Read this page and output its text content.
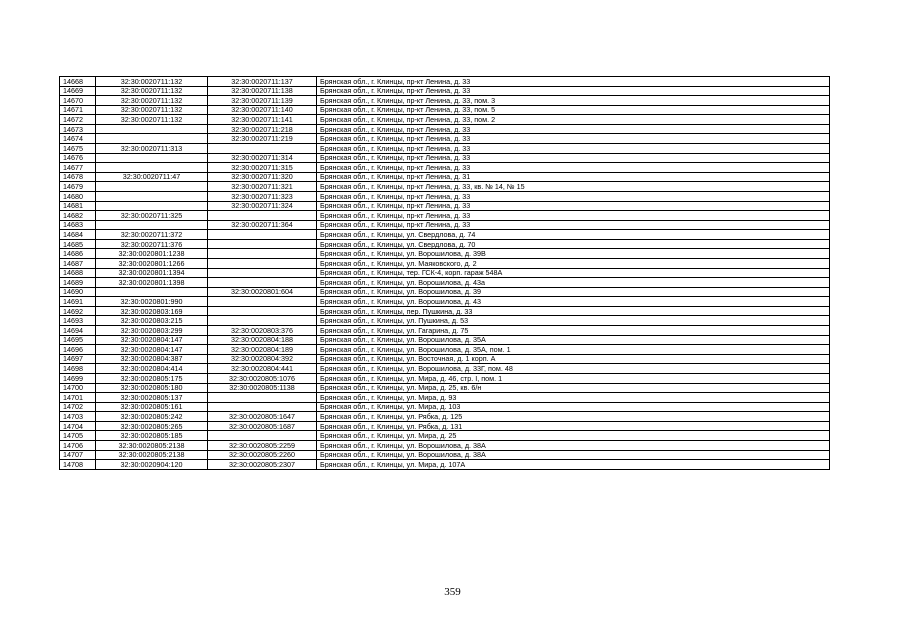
14668	32:30:0020711:132	32:30:0020711:137	Брянская обл., г. Клинцы, пр-кт Ленина, д. 33
14669	32:30:0020711:132	32:30:0020711:138	Брянская обл., г. Клинцы, пр-кт Ленина, д. 33
14670	32:30:0020711:132	32:30:0020711:139	Брянская обл., г. Клинцы, пр-кт Ленина, д. 33, пом. 3
14671	32:30:0020711:132	32:30:0020711:140	Брянская обл., г. Клинцы, пр-кт Ленина, д. 33, пом. 5
14672	32:30:0020711:132	32:30:0020711:141	Брянская обл., г. Клинцы, пр-кт Ленина, д. 33, пом. 2
14673		32:30:0020711:218	Брянская обл., г. Клинцы, пр-кт Ленина, д. 33
14674		32:30:0020711:219	Брянская обл., г. Клинцы, пр-кт Ленина, д. 33
14675	32:30:0020711:313		Брянская обл., г. Клинцы, пр-кт Ленина, д. 33
14676		32:30:0020711:314	Брянская обл., г. Клинцы, пр-кт Ленина, д. 33
14677		32:30:0020711:315	Брянская обл., г. Клинцы, пр-кт Ленина, д. 33
14678	32:30:0020711:47	32:30:0020711:320	Брянская обл., г. Клинцы, пр-кт Ленина, д. 31
14679		32:30:0020711:321	Брянская обл., г. Клинцы, пр-кт Ленина, д. 33, кв. № 14, № 15
14680		32:30:0020711:323	Брянская обл., г. Клинцы, пр-кт Ленина, д. 33
14681		32:30:0020711:324	Брянская обл., г. Клинцы, пр-кт Ленина, д. 33
14682	32:30:0020711:325		Брянская обл., г. Клинцы, пр-кт Ленина, д. 33
14683		32:30:0020711:364	Брянская обл., г. Клинцы, пр-кт Ленина, д. 33
14684	32:30:0020711:372		Брянская обл., г. Клинцы, ул. Свердлова, д. 74
14685	32:30:0020711:376		Брянская обл., г. Клинцы, ул. Свердлова, д. 70
14686	32:30:0020801:1238		Брянская обл., г. Клинцы, ул. Ворошилова, д. 39В
14687	32:30:0020801:1266		Брянская обл., г. Клинцы, ул. Маяковского, д. 2
14688	32:30:0020801:1394		Брянская обл., г. Клинцы, тер. ГСК-4, корп. гараж 548А
14689	32:30:0020801:1398		Брянская обл., г. Клинцы, ул. Ворошилова, д. 43а
14690		32:30:0020801:604	Брянская обл., г. Клинцы, ул. Ворошилова, д. 39
14691	32:30:0020801:990		Брянская обл., г. Клинцы, ул. Ворошилова, д. 43
14692	32:30:0020803:169		Брянская обл., г. Клинцы, пер. Пушкина, д. 33
14693	32:30:0020803:215		Брянская обл., г. Клинцы, ул. Пушкина, д. 53
14694	32:30:0020803:299	32:30:0020803:376	Брянская обл., г. Клинцы, ул. Гагарина, д. 75
14695	32:30:0020804:147	32:30:0020804:188	Брянская обл., г. Клинцы, ул. Ворошилова, д. 35А
14696	32:30:0020804:147	32:30:0020804:189	Брянская обл., г. Клинцы, ул. Ворошилова, д. 35А, пом. 1
14697	32:30:0020804:387	32:30:0020804:392	Брянская обл., г. Клинцы, ул. Восточная, д. 1 корп. А
14698	32:30:0020804:414	32:30:0020804:441	Брянская обл., г. Клинцы, ул. Ворошилова, д. 33Г, пом. 48
14699	32:30:0020805:175	32:30:0020805:1076	Брянская обл., г. Клинцы, ул. Мира, д. 46, стр. I, пом. 1
14700	32:30:0020805:180	32:30:0020805:1138	Брянская обл., г. Клинцы, ул. Мира, д. 25, кв. 6/н
14701	32:30:0020805:137		Брянская обл., г. Клинцы, ул. Мира, д. 93
14702	32:30:0020805:161		Брянская обл., г. Клинцы, ул. Мира, д. 103
14703	32:30:0020805:242	32:30:0020805:1647	Брянская обл., г. Клинцы, ул. Рябка, д. 125
14704	32:30:0020805:265	32:30:0020805:1687	Брянская обл., г. Клинцы, ул. Рябка, д. 131
14705	32:30:0020805:185		Брянская обл., г. Клинцы, ул. Мира, д. 25
14706	32:30:0020805:2138	32:30:0020805:2259	Брянская обл., г. Клинцы, ул. Ворошилова, д. 38А
14707	32:30:0020805:2138	32:30:0020805:2260	Брянская обл., г. Клинцы, ул. Ворошилова, д. 38А
14708	32:30:0020904:120	32:30:0020805:2307	Брянская обл., г. Клинцы, ул. Мира, д. 107А
359
